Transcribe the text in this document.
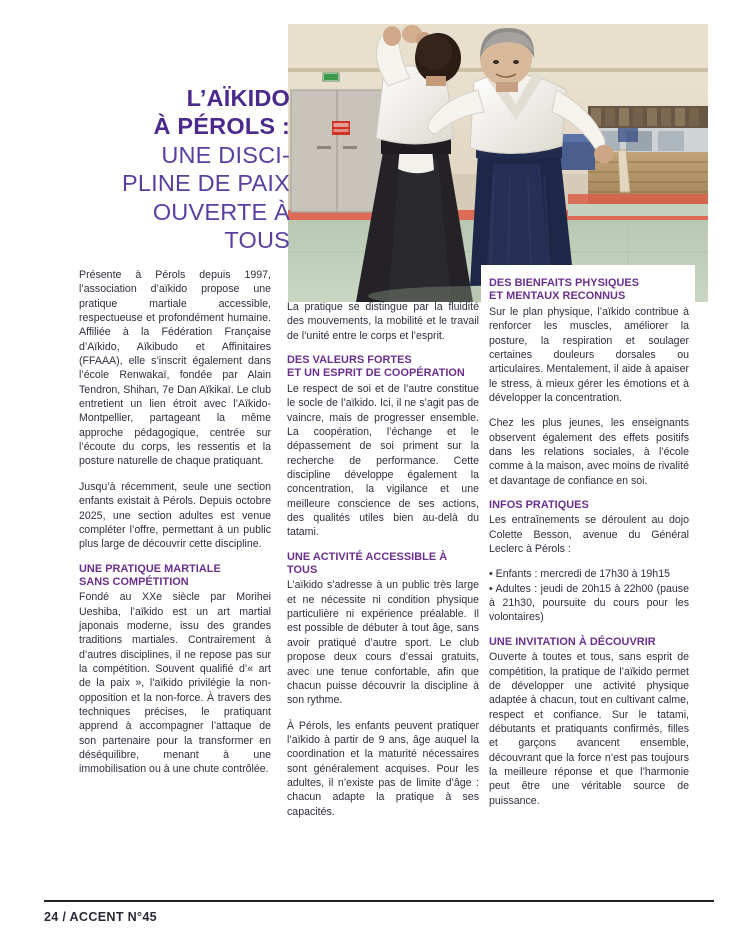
L’AÏKIDO
À PÉROLS :
UNE DISCI-
PLINE DE PAIX
OUVERTE À
TOUS

Présente à Pérols depuis 1997, l’association d’aïkido propose une pratique martiale accessible, respectueuse et profondément humaine. Affiliée à la Fédération Française d’Aïkido, Aïkibudo et Affinitaires (FFAAA), elle s’inscrit également dans l’école Renwakaï, fondée par Alain Tendron, Shihan, 7e Dan Aïkikaï. Le club entretient un lien étroit avec l’Aïkido-Montpellier, partageant la même approche pédagogique, centrée sur l’écoute du corps, les ressentis et la posture naturelle de chaque pratiquant.

Jusqu’à récemment, seule une section enfants existait à Pérols. Depuis octobre 2025, une section adultes est venue compléter l’offre, permettant à un public plus large de découvrir cette discipline.

UNE PRATIQUE MARTIALE
SANS COMPÉTITION

Fondé au XXe siècle par Morihei Ueshiba, l’aïkido est un art martial japonais moderne, issu des grandes traditions martiales. Contrairement à d’autres disciplines, il ne repose pas sur la compétition. Souvent qualifié d’« art de la paix », l’aïkido privilégie la non-opposition et la non-force. À travers des techniques précises, le pratiquant apprend à accompagner l’attaque de son partenaire pour la transformer en déséquilibre, menant à une immobilisation ou à une chute contrôlée.

La pratique se distingue par la fluidité des mouvements, la mobilité et le travail de l’unité entre le corps et l’esprit.

DES VALEURS FORTES
ET UN ESPRIT DE COOPÉRATION

Le respect de soi et de l’autre constitue le socle de l’aïkido. Ici, il ne s’agit pas de vaincre, mais de progresser ensemble. La coopération, l’échange et le dépassement de soi priment sur la recherche de performance. Cette discipline développe également la concentration, la vigilance et une meilleure conscience de ses actions, des qualités utiles bien au-delà du tatami.

UNE ACTIVITÉ ACCESSIBLE À TOUS

L’aïkido s’adresse à un public très large et ne nécessite ni condition physique particulière ni expérience préalable. Il est possible de débuter à tout âge, sans avoir pratiqué d’autre sport. Le club propose deux cours d’essai gratuits, avec une tenue confortable, afin que chacun puisse découvrir la discipline à son rythme.

À Pérols, les enfants peuvent pratiquer l’aïkido à partir de 9 ans, âge auquel la coordination et la maturité nécessaires sont généralement acquises. Pour les adultes, il n’existe pas de limite d’âge : chacun adapte la pratique à ses capacités.

DES BIENFAITS PHYSIQUES
ET MENTAUX RECONNUS

Sur le plan physique, l’aïkido contribue à renforcer les muscles, améliorer la posture, la respiration et soulager certaines douleurs dorsales ou articulaires. Mentalement, il aide à apaiser le stress, à mieux gérer les émotions et à développer la concentration.

Chez les plus jeunes, les enseignants observent également des effets positifs dans les relations sociales, à l’école comme à la maison, avec moins de rivalité et davantage de confiance en soi.

INFOS PRATIQUES

Les entraînements se déroulent au dojo Colette Besson, avenue du Général Leclerc à Pérols :

• Enfants : mercredi de 17h30 à 19h15

• Adultes : jeudi de 20h15 à 22h00 (pause à 21h30, poursuite du cours pour les volontaires)

UNE INVITATION À DÉCOUVRIR

Ouverte à toutes et tous, sans esprit de compétition, la pratique de l’aïkido permet de développer une activité physique adaptée à chacun, tout en cultivant calme, respect et confiance. Sur le tatami, débutants et pratiquants confirmés, filles et garçons avancent ensemble, découvrant que la force n’est pas toujours la meilleure réponse et que l’harmonie peut être une véritable source de puissance.

24 / ACCENT N°45
